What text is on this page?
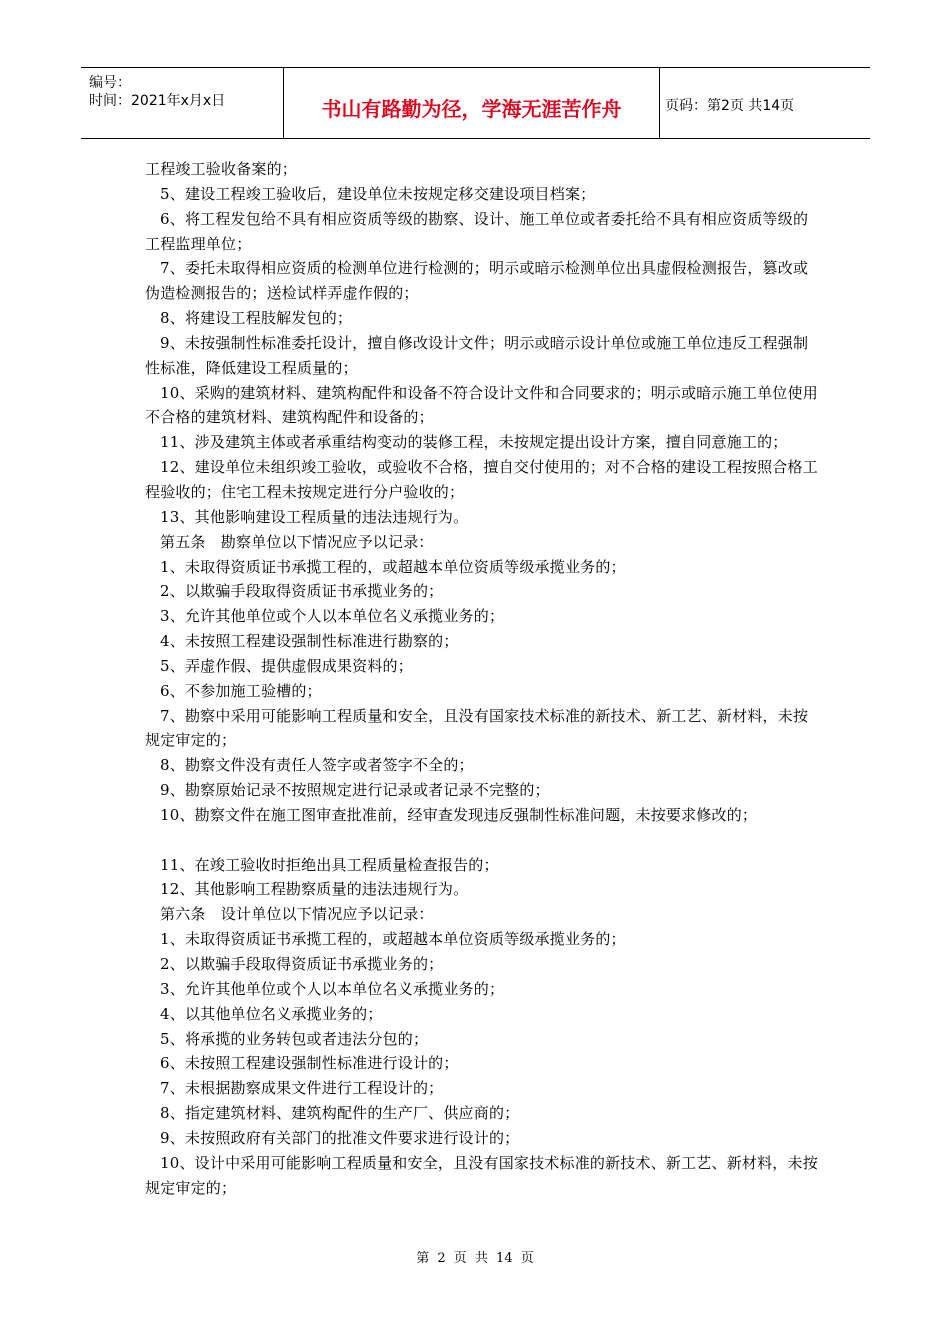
编号：
时间：2021年x月x日	书山有路勤为径，学海无涯苦作舟	页码：第2页 共14页

工程竣工验收备案的；

5、建设工程竣工验收后，建设单位未按规定移交建设项目档案；

6、将工程发包给不具有相应资质等级的勘察、设计、施工单位或者委托给不具有相应资质等级的工程监理单位；

7、委托未取得相应资质的检测单位进行检测的；明示或暗示检测单位出具虚假检测报告，篡改或伪造检测报告的；送检试样弄虚作假的；

8、将建设工程肢解发包的；

9、未按强制性标准委托设计，擅自修改设计文件；明示或暗示设计单位或施工单位违反工程强制性标准，降低建设工程质量的；

10、采购的建筑材料、建筑构配件和设备不符合设计文件和合同要求的；明示或暗示施工单位使用不合格的建筑材料、建筑构配件和设备的；

11、涉及建筑主体或者承重结构变动的装修工程，未按规定提出设计方案，擅自同意施工的；

12、建设单位未组织竣工验收，或验收不合格，擅自交付使用的；对不合格的建设工程按照合格工程验收的；住宅工程未按规定进行分户验收的；

13、其他影响建设工程质量的违法违规行为。

第五条　勘察单位以下情况应予以记录：

1、未取得资质证书承揽工程的，或超越本单位资质等级承揽业务的；

2、以欺骗手段取得资质证书承揽业务的；

3、允许其他单位或个人以本单位名义承揽业务的；

4、未按照工程建设强制性标准进行勘察的；

5、弄虚作假、提供虚假成果资料的；

6、不参加施工验槽的；

7、勘察中采用可能影响工程质量和安全，且没有国家技术标准的新技术、新工艺、新材料，未按规定审定的；

8、勘察文件没有责任人签字或者签字不全的；

9、勘察原始记录不按照规定进行记录或者记录不完整的；

10、勘察文件在施工图审查批准前，经审查发现违反强制性标准问题，未按要求修改的；

11、在竣工验收时拒绝出具工程质量检查报告的；

12、其他影响工程勘察质量的违法违规行为。

第六条　设计单位以下情况应予以记录：

1、未取得资质证书承揽工程的，或超越本单位资质等级承揽业务的；

2、以欺骗手段取得资质证书承揽业务的；

3、允许其他单位或个人以本单位名义承揽业务的；

4、以其他单位名义承揽业务的；

5、将承揽的业务转包或者违法分包的；

6、未按照工程建设强制性标准进行设计的；

7、未根据勘察成果文件进行工程设计的；

8、指定建筑材料、建筑构配件的生产厂、供应商的；

9、未按照政府有关部门的批准文件要求进行设计的；

10、设计中采用可能影响工程质量和安全，且没有国家技术标准的新技术、新工艺、新材料，未按规定审定的；

第 2 页 共 14 页
